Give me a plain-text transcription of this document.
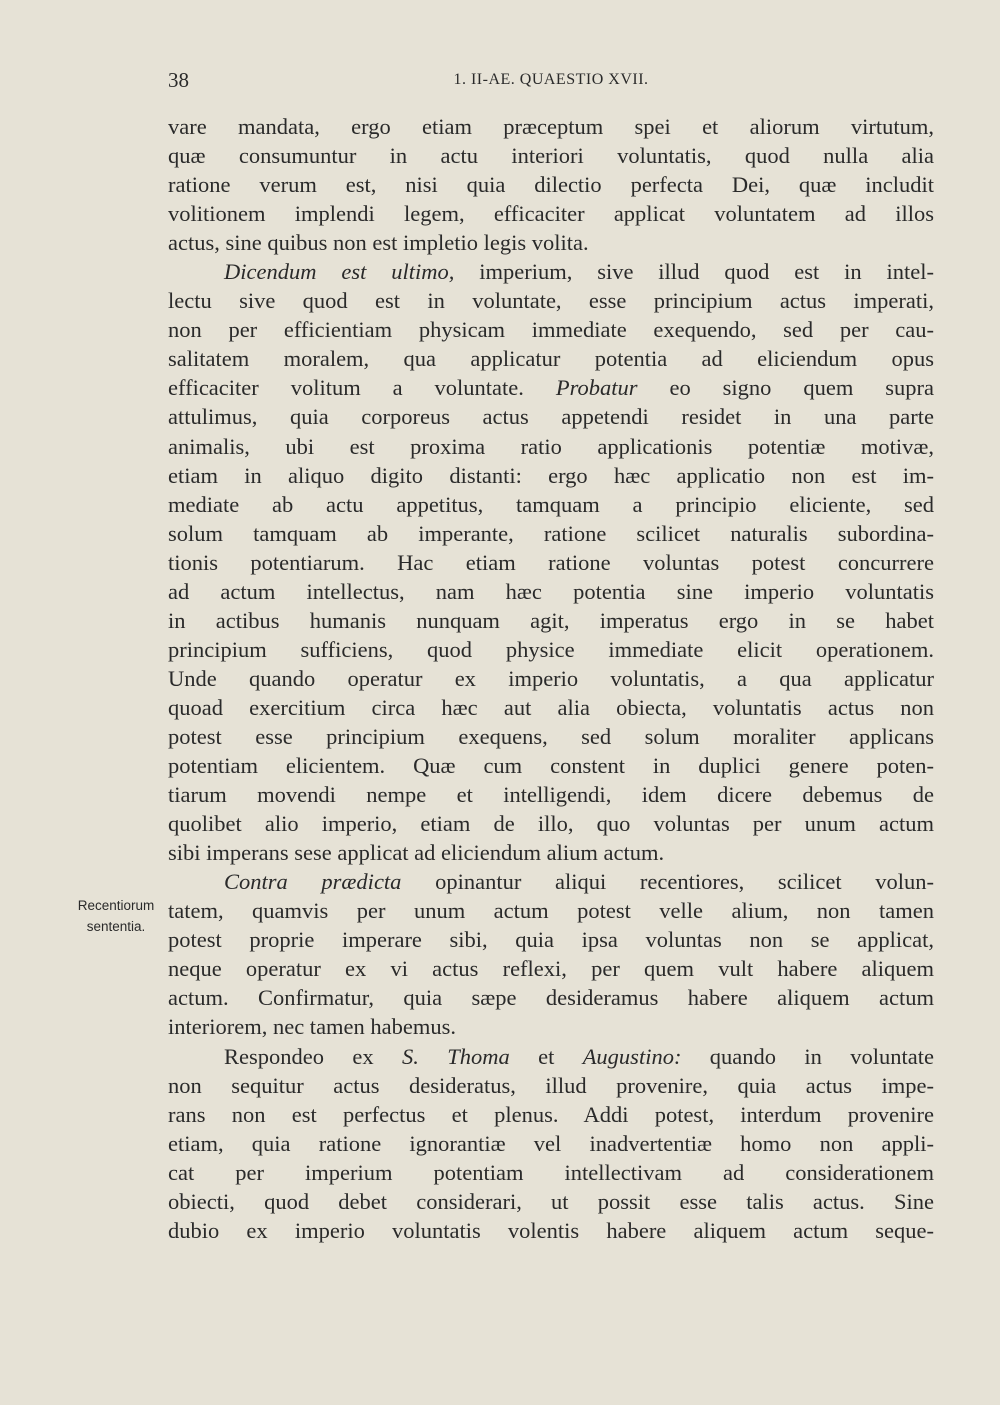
38	1. II-AE. QUAESTIO XVII.
Recentiorum
sententia.
vare mandata, ergo etiam præceptum spei et aliorum virtutum,
quæ consumuntur in actu interiori voluntatis, quod nulla alia
ratione verum est, nisi quia dilectio perfecta Dei, quæ includit
volitionem implendi legem, efficaciter applicat voluntatem ad illos
actus, sine quibus non est impletio legis volita.
Dicendum est ultimo, imperium, sive illud quod est in intel-
lectu sive quod est in voluntate, esse principium actus imperati,
non per efficientiam physicam immediate exequendo, sed per cau-
salitatem moralem, qua applicatur potentia ad eliciendum opus
efficaciter volitum a voluntate. Probatur eo signo quem supra
attulimus, quia corporeus actus appetendi residet in una parte
animalis, ubi est proxima ratio applicationis potentiæ motivæ,
etiam in aliquo digito distanti: ergo hæc applicatio non est im-
mediate ab actu appetitus, tamquam a principio eliciente, sed
solum tamquam ab imperante, ratione scilicet naturalis subordina-
tionis potentiarum. Hac etiam ratione voluntas potest concurrere
ad actum intellectus, nam hæc potentia sine imperio voluntatis
in actibus humanis nunquam agit, imperatus ergo in se habet
principium sufficiens, quod physice immediate elicit operationem.
Unde quando operatur ex imperio voluntatis, a qua applicatur
quoad exercitium circa hæc aut alia obiecta, voluntatis actus non
potest esse principium exequens, sed solum moraliter applicans
potentiam elicientem. Quæ cum constent in duplici genere poten-
tiarum movendi nempe et intelligendi, idem dicere debemus de
quolibet alio imperio, etiam de illo, quo voluntas per unum actum
sibi imperans sese applicat ad eliciendum alium actum.
Contra prædicta opinantur aliqui recentiores, scilicet volun-
tatem, quamvis per unum actum potest velle alium, non tamen
potest proprie imperare sibi, quia ipsa voluntas non se applicat,
neque operatur ex vi actus reflexi, per quem vult habere aliquem
actum. Confirmatur, quia sæpe desideramus habere aliquem actum
interiorem, nec tamen habemus.
Respondeo ex S. Thoma et Augustino: quando in voluntate
non sequitur actus desideratus, illud provenire, quia actus impe-
rans non est perfectus et plenus. Addi potest, interdum provenire
etiam, quia ratione ignorantiæ vel inadvertentiæ homo non appli-
cat per imperium potentiam intellectivam ad considerationem
obiecti, quod debet considerari, ut possit esse talis actus. Sine
dubio ex imperio voluntatis volentis habere aliquem actum seque-
